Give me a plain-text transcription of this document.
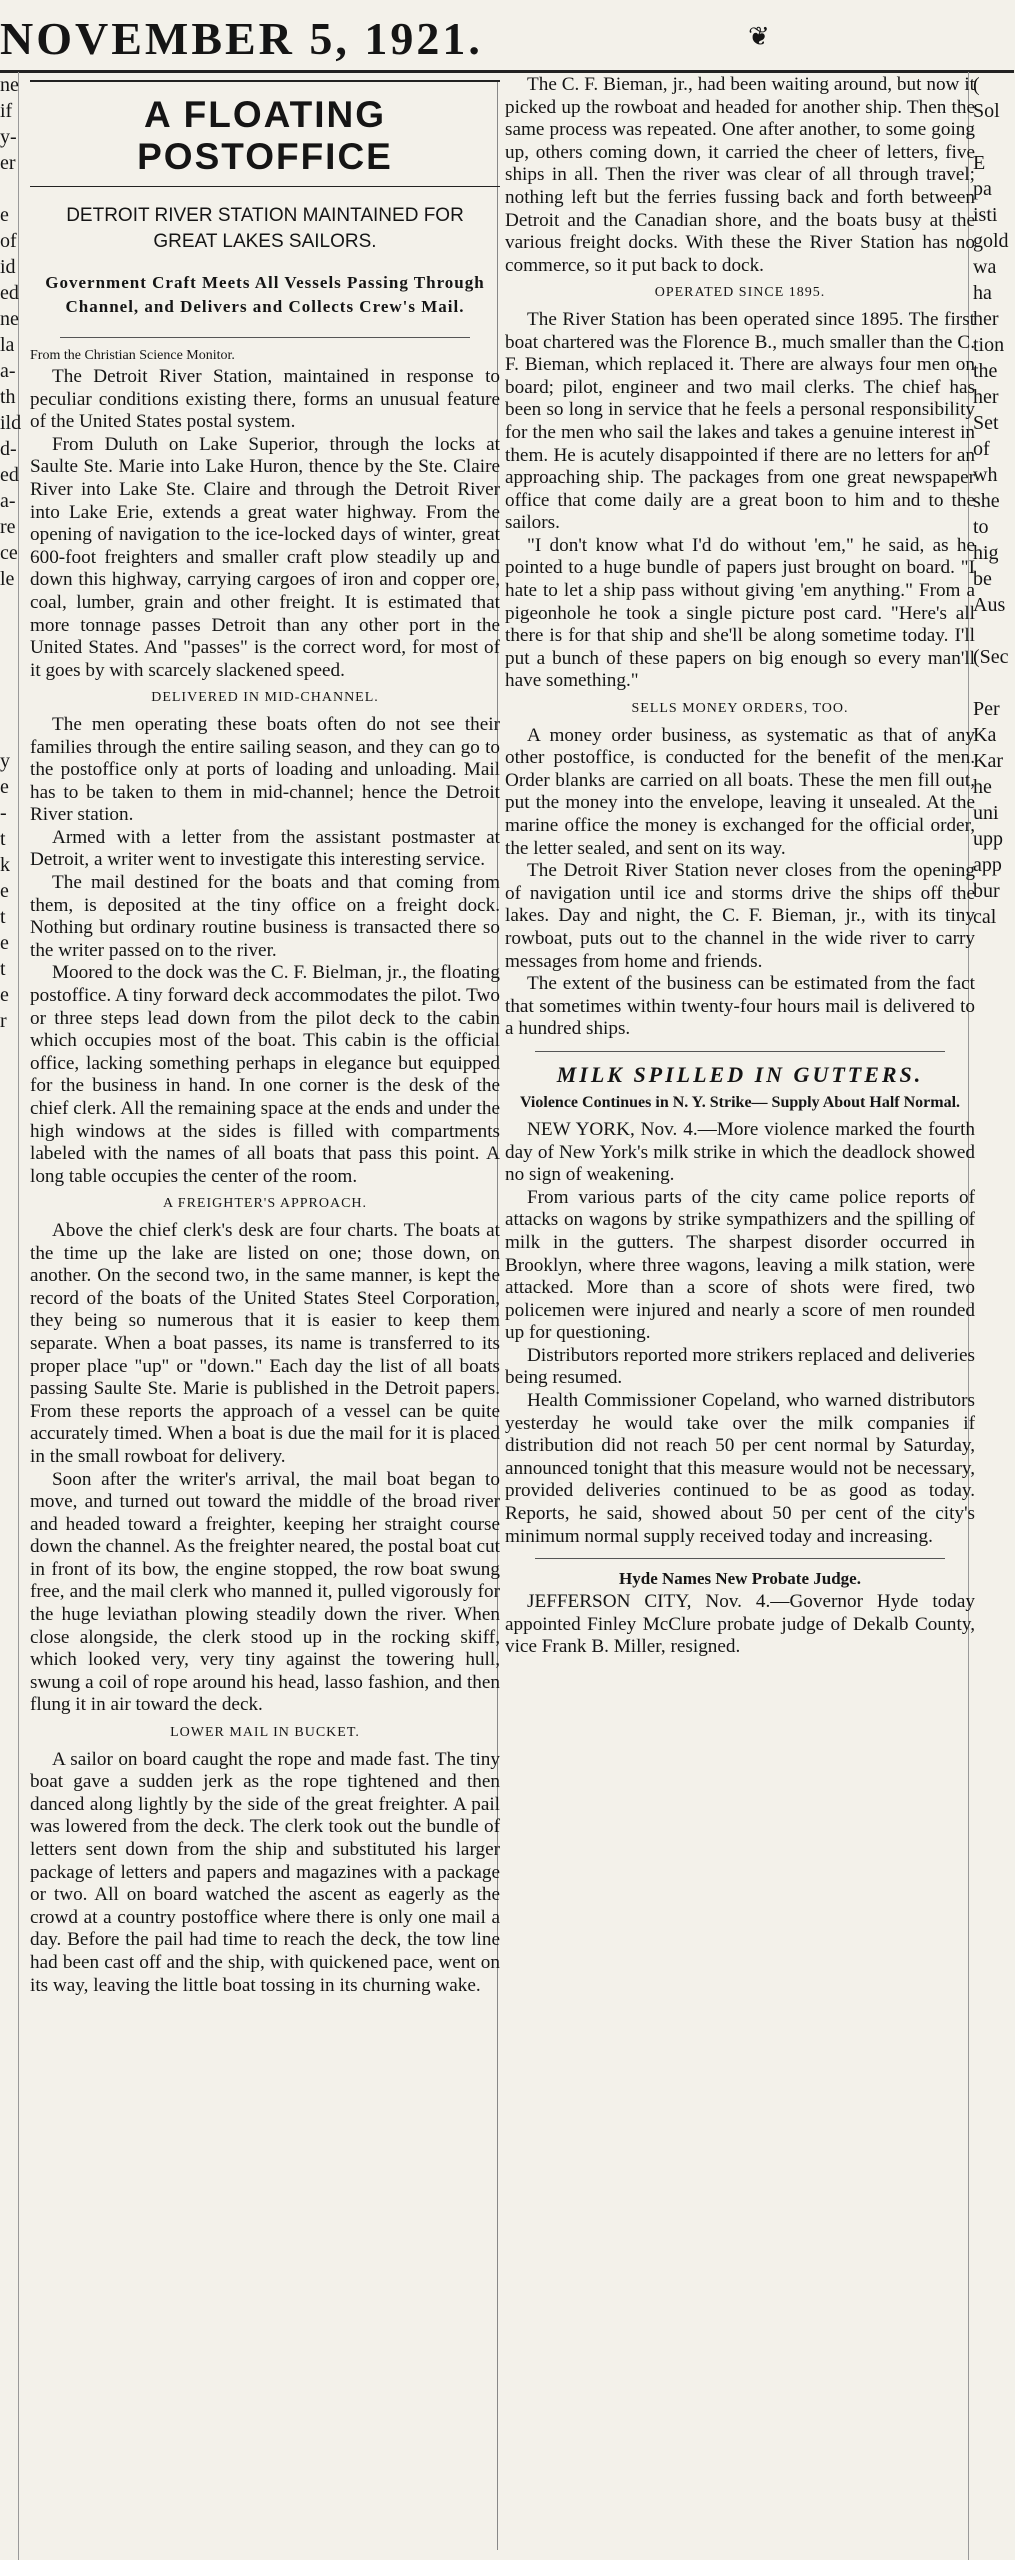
NOVEMBER 5, 1921.	❦
ne
if
y-
er

e
of
id
ed
ne
la
a-
th
ild
d-
ed
a-
re
ce
le

y
e
-
t
k
e
t
e
t
e
r
(
Sol

E
pa
isti
gold
wa
ha
her
tion
the
her
Set
of
wh
she
to
hig
be
Aus

(Sec

Per
Ka
Kar
he
uni
upp
app
bur
cal
A FLOATING POSTOFFICE
DETROIT RIVER STATION MAINTAINED FOR GREAT LAKES SAILORS.
Government Craft Meets All Vessels Passing Through Channel, and Delivers and Collects Crew's Mail.
From the Christian Science Monitor.

The Detroit River Station, maintained in response to peculiar conditions existing there, forms an unusual feature of the United States postal system.

From Duluth on Lake Superior, through the locks at Saulte Ste. Marie into Lake Huron, thence by the Ste. Claire River into Lake Ste. Claire and through the Detroit River into Lake Erie, extends a great water highway. From the opening of navigation to the ice-locked days of winter, great 600-foot freighters and smaller craft plow steadily up and down this highway, carrying cargoes of iron and copper ore, coal, lumber, grain and other freight. It is estimated that more tonnage passes Detroit than any other port in the United States. And "passes" is the correct word, for most of it goes by with scarcely slackened speed.

DELIVERED IN MID-CHANNEL.

The men operating these boats often do not see their families through the entire sailing season, and they can go to the postoffice only at ports of loading and unloading. Mail has to be taken to them in mid-channel; hence the Detroit River station.

Armed with a letter from the assistant postmaster at Detroit, a writer went to investigate this interesting service.

The mail destined for the boats and that coming from them, is deposited at the tiny office on a freight dock. Nothing but ordinary routine business is transacted there so the writer passed on to the river.

Moored to the dock was the C. F. Bielman, jr., the floating postoffice. A tiny forward deck accommodates the pilot. Two or three steps lead down from the pilot deck to the cabin which occupies most of the boat. This cabin is the official office, lacking something perhaps in elegance but equipped for the business in hand. In one corner is the desk of the chief clerk. All the remaining space at the ends and under the high windows at the sides is filled with compartments labeled with the names of all boats that pass this point. A long table occupies the center of the room.

A FREIGHTER'S APPROACH.

Above the chief clerk's desk are four charts. The boats at the time up the lake are listed on one; those down, on another. On the second two, in the same manner, is kept the record of the boats of the United States Steel Corporation, they being so numerous that it is easier to keep them separate. When a boat passes, its name is transferred to its proper place "up" or "down." Each day the list of all boats passing Saulte Ste. Marie is published in the Detroit papers. From these reports the approach of a vessel can be quite accurately timed. When a boat is due the mail for it is placed in the small rowboat for delivery.

Soon after the writer's arrival, the mail boat began to move, and turned out toward the middle of the broad river and headed toward a freighter, keeping her straight course down the channel. As the freighter neared, the postal boat cut in front of its bow, the engine stopped, the row boat swung free, and the mail clerk who manned it, pulled vigorously for the huge leviathan plowing steadily down the river. When close alongside, the clerk stood up in the rocking skiff, which looked very, very tiny against the towering hull, swung a coil of rope around his head, lasso fashion, and then flung it in air toward the deck.

LOWER MAIL IN BUCKET.

A sailor on board caught the rope and made fast. The tiny boat gave a sudden jerk as the rope tightened and then danced along lightly by the side of the great freighter. A pail was lowered from the deck. The clerk took out the bundle of letters sent down from the ship and substituted his larger package of letters and papers and magazines with a package or two. All on board watched the ascent as eagerly as the crowd at a country postoffice where there is only one mail a day. Before the pail had time to reach the deck, the tow line had been cast off and the ship, with quickened pace, went on its way, leaving the little boat tossing in its churning wake.

The C. F. Bieman, jr., had been waiting around, but now it picked up the rowboat and headed for another ship. Then the same process was repeated. One after another, to some going up, others coming down, it carried the cheer of letters, five ships in all. Then the river was clear of all through travel; nothing left but the ferries fussing back and forth between Detroit and the Canadian shore, and the boats busy at the various freight docks. With these the River Station has no commerce, so it put back to dock.

OPERATED SINCE 1895.

The River Station has been operated since 1895. The first boat chartered was the Florence B., much smaller than the C. F. Bieman, which replaced it. There are always four men on board; pilot, engineer and two mail clerks. The chief has been so long in service that he feels a personal responsibility for the men who sail the lakes and takes a genuine interest in them. He is acutely disappointed if there are no letters for an approaching ship. The packages from one great newspaper office that come daily are a great boon to him and to the sailors.

"I don't know what I'd do without 'em," he said, as he pointed to a huge bundle of papers just brought on board. "I hate to let a ship pass without giving 'em anything." From a pigeonhole he took a single picture post card. "Here's all there is for that ship and she'll be along sometime today. I'll put a bunch of these papers on big enough so every man'll have something."

SELLS MONEY ORDERS, TOO.

A money order business, as systematic as that of any other postoffice, is conducted for the benefit of the men. Order blanks are carried on all boats. These the men fill out, put the money into the envelope, leaving it unsealed. At the marine office the money is exchanged for the official order, the letter sealed, and sent on its way.

The Detroit River Station never closes from the opening of navigation until ice and storms drive the ships off the lakes. Day and night, the C. F. Bieman, jr., with its tiny rowboat, puts out to the channel in the wide river to carry messages from home and friends.

The extent of the business can be estimated from the fact that sometimes within twenty-four hours mail is delivered to a hundred ships.

MILK SPILLED IN GUTTERS.
Violence Continues in N. Y. Strike— Supply About Half Normal.

NEW YORK, Nov. 4.—More violence marked the fourth day of New York's milk strike in which the deadlock showed no sign of weakening.

From various parts of the city came police reports of attacks on wagons by strike sympathizers and the spilling of milk in the gutters. The sharpest disorder occurred in Brooklyn, where three wagons, leaving a milk station, were attacked. More than a score of shots were fired, two policemen were injured and nearly a score of men rounded up for questioning.

Distributors reported more strikers replaced and deliveries being resumed.

Health Commissioner Copeland, who warned distributors yesterday he would take over the milk companies if distribution did not reach 50 per cent normal by Saturday, announced tonight that this measure would not be necessary, provided deliveries continued to be as good as today. Reports, he said, showed about 50 per cent of the city's minimum normal supply received today and increasing.

Hyde Names New Probate Judge.

JEFFERSON CITY, Nov. 4.—Governor Hyde today appointed Finley McClure probate judge of Dekalb County, vice Frank B. Miller, resigned.
